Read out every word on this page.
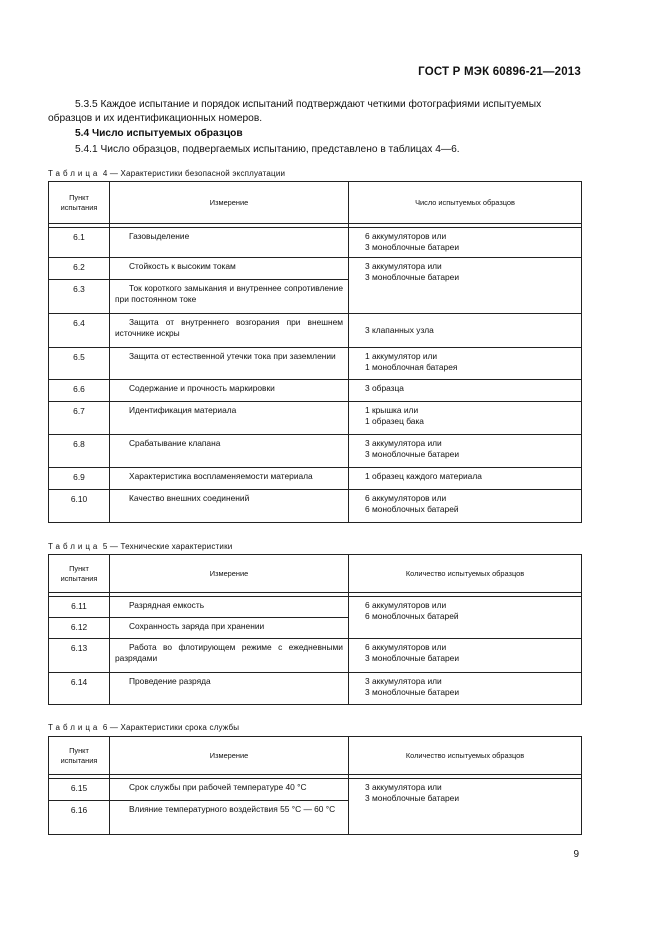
ГОСТ Р МЭК 60896-21—2013
5.3.5 Каждое испытание и порядок испытаний подтверждают четкими фотографиями испытуемых образцов и их идентификационных номеров.
5.4 Число испытуемых образцов
5.4.1 Число образцов, подвергаемых испытанию, представлено в таблицах 4—6.
Таблица 4 — Характеристики безопасной эксплуатации
Пункт испытания	Измерение	Число испытуемых образцов

6.1	Газовыделение	6 аккумуляторов или
3 моноблочные батареи
6.2	Стойкость к высоким токам	3 аккумулятора или
3 моноблочные батареи
6.3	Ток короткого замыкания и внутреннее сопротивление при постоянном токе	
6.4	Защита от внутреннего возгорания при внешнем источнике искры	3 клапанных узла
6.5	Защита от естественной утечки тока при заземлении	1 аккумулятор или
1 моноблочная батарея
6.6	Содержание и прочность маркировки	3 образца
6.7	Идентификация материала	1 крышка или
1 образец бака
6.8	Срабатывание клапана	3 аккумулятора или
3 моноблочные батареи
6.9	Характеристика воспламеняемости материала	1 образец каждого материала
6.10	Качество внешних соединений	6 аккумуляторов или
6 моноблочных батарей
Таблица 5 — Технические характеристики
Пункт испытания	Измерение	Количество испытуемых образцов

6.11	Разрядная емкость	6 аккумуляторов или
6 моноблочных батарей
6.12	Сохранность заряда при хранении	
6.13	Работа во флотирующем режиме с ежедневными разрядами	6 аккумуляторов или
3 моноблочные батареи
6.14	Проведение разряда	3 аккумулятора или
3 моноблочные батареи
Таблица 6 — Характеристики срока службы
Пункт испытания	Измерение	Количество испытуемых образцов

6.15	Срок службы при рабочей температуре 40 °С	3 аккумулятора или
3 моноблочные батареи
6.16	Влияние температурного воздействия 55 °С — 60 °С	
9
